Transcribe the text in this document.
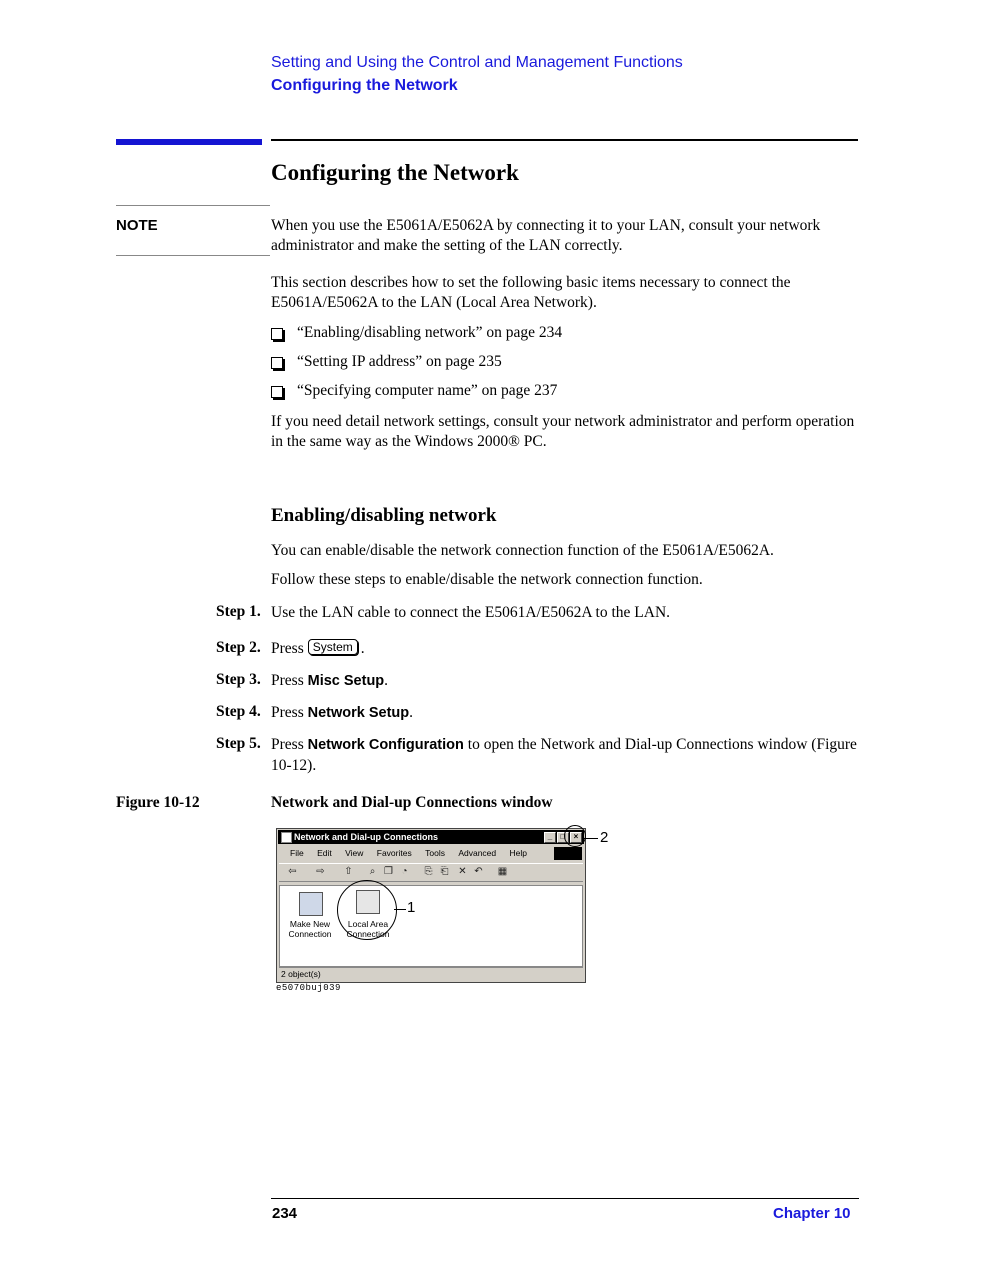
Setting and Using the Control and Management Functions
Configuring the Network
Configuring the Network
NOTE	When you use the E5061A/E5062A by connecting it to your LAN, consult your network administrator and make the setting of the LAN correctly.
This section describes how to set the following basic items necessary to connect the E5061A/E5062A to the LAN (Local Area Network).
“Enabling/disabling network” on page 234
“Setting IP address” on page 235
“Specifying computer name” on page 237
If you need detail network settings, consult your network administrator and perform operation in the same way as the Windows 2000® PC.
Enabling/disabling network
You can enable/disable the network connection function of the E5061A/E5062A.
Follow these steps to enable/disable the network connection function.
Step 1. Use the LAN cable to connect the E5061A/E5062A to the LAN.
Step 2. Press System .
Step 3. Press Misc Setup.
Step 4. Press Network Setup.
Step 5. Press Network Configuration to open the Network and Dial-up Connections window (Figure 10-12).
Figure 10-12	Network and Dial-up Connections window
Network and Dial-up Connections	_	□	×
File Edit View Favorites Tools Advanced Help
⇦ ⇨ ⇧ ⌕ ❐ ◔ ⎘ ⎗ ✕ ↶ ▦
Make New Connection
Local Area Connection
2 object(s)
1
2
e5070buj039
234	Chapter 10
